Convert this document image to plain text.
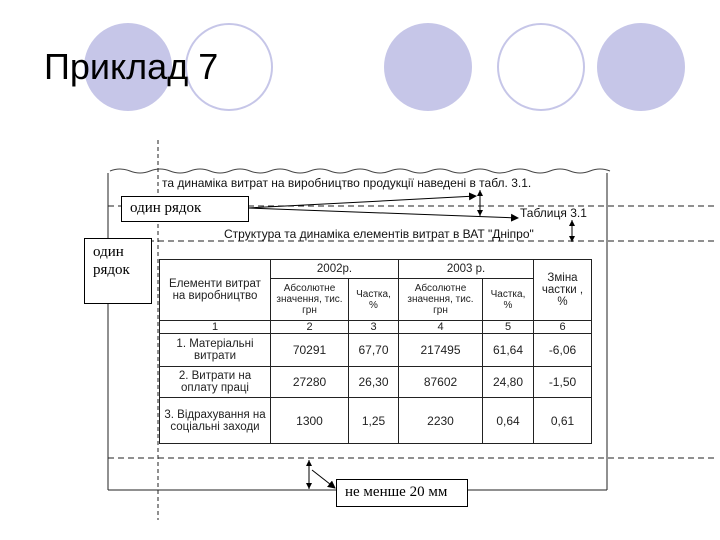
Приклад 7
та динаміка витрат на виробництво продукції наведені в табл. 3.1.
один рядок
один рядок
Таблиця 3.1
Структура та динаміка елементів витрат в ВАТ "Дніпро"
Елементи витрат на виробництво	2002р.		2003 р.		Зміна частки , %
	Абсолютне значення, тис. грн	Частка, %	Абсолютне значення, тис. грн	Частка, %	
1	2	3	4	5	6
1. Матеріальні витрати	70291	67,70	217495	61,64	-6,06
2. Витрати на оплату праці	27280	26,30	87602	24,80	-1,50
3. Відрахування на соціальні заходи	1300	1,25	2230	0,64	0,61
не менше 20 мм
